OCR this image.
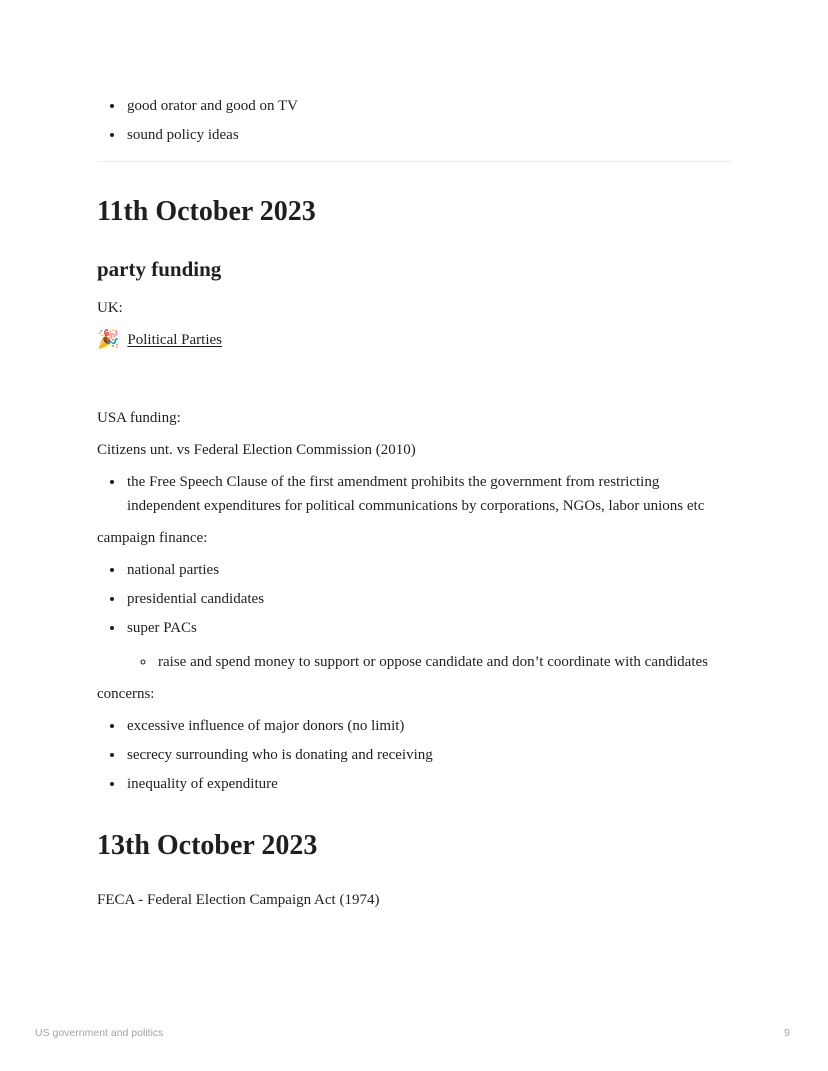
• good orator and good on TV
• sound policy ideas
11th October 2023
party funding

UK:

🎉 Political Parties

USA funding:

Citizens unt. vs Federal Election Commission (2010)

• the Free Speech Clause of the first amendment prohibits the government from restricting independent expenditures for political communications by corporations, NGOs, labor unions etc

campaign finance:

• national parties
• presidential candidates
• super PACs
◦ raise and spend money to support or oppose candidate and don’t coordinate with candidates

concerns:

• excessive influence of major donors (no limit)
• secrecy surrounding who is donating and receiving
• inequality of expenditure
13th October 2023

FECA - Federal Election Campaign Act (1974)

US government and politics	9
